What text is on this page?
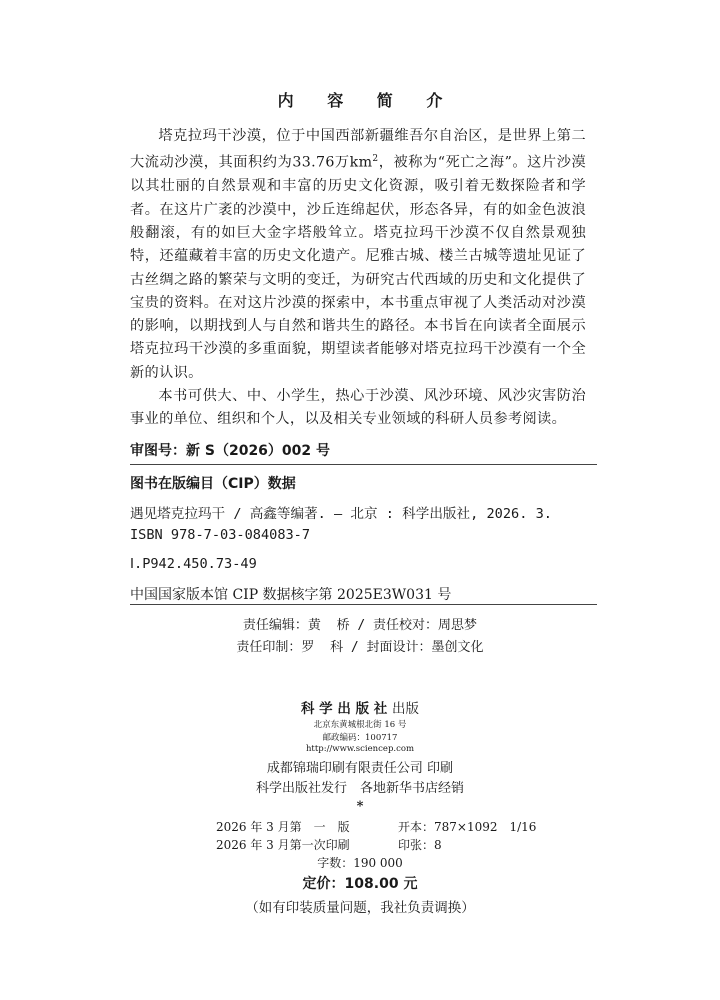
内 容 简 介

塔克拉玛干沙漠，位于中国西部新疆维吾尔自治区，是世界上第二大流动沙漠，其面积约为33.76万$km^2$，被称为“死亡之海”。这片沙漠以其壮丽的自然景观和丰富的历史文化资源，吸引着无数探险者和学者。在这片广袤的沙漠中，沙丘连绵起伏，形态各异，有的如金色波浪般翻滚，有的如巨大金字塔般耸立。塔克拉玛干沙漠不仅自然景观独特，还蕴藏着丰富的历史文化遗产。尼雅古城、楼兰古城等遗址见证了古丝绸之路的繁荣与文明的变迁，为研究古代西域的历史和文化提供了宝贵的资料。在对这片沙漠的探索中，本书重点审视了人类活动对沙漠的影响，以期找到人与自然和谐共生的路径。本书旨在向读者全面展示塔克拉玛干沙漠的多重面貌，期望读者能够对塔克拉玛干沙漠有一个全新的认识。

本书可供大、中、小学生，热心于沙漠、风沙环境、风沙灾害防治事业的单位、组织和个人，以及相关专业领域的科研人员参考阅读。

审图号：新 S（2026）002 号
图书在版编目（CIP）数据
遇见塔克拉玛干 / 高鑫等编著. — 北京 : 科学出版社, 2026. 3.
ISBN 978-7-03-084083-7
Ⅰ.P942.450.73-49
中国国家版本馆 CIP 数据核字第 2025E3W031 号
责任编辑：黄  桥 / 责任校对：周思梦
责任印制：罗  科 / 封面设计：墨创文化
科 学 出 版 社 出版
北京东黄城根北街 16 号
邮政编码：100717
http://www.sciencep.com
成都锦瑞印刷有限责任公司 印刷
科学出版社发行　各地新华书店经销
*
2026 年 3 月第　一　版	开本：787×1092　1/16
2026 年 3 月第一次印刷	印张：8
字数：190 000
定价：108.00 元
（如有印装质量问题，我社负责调换）
